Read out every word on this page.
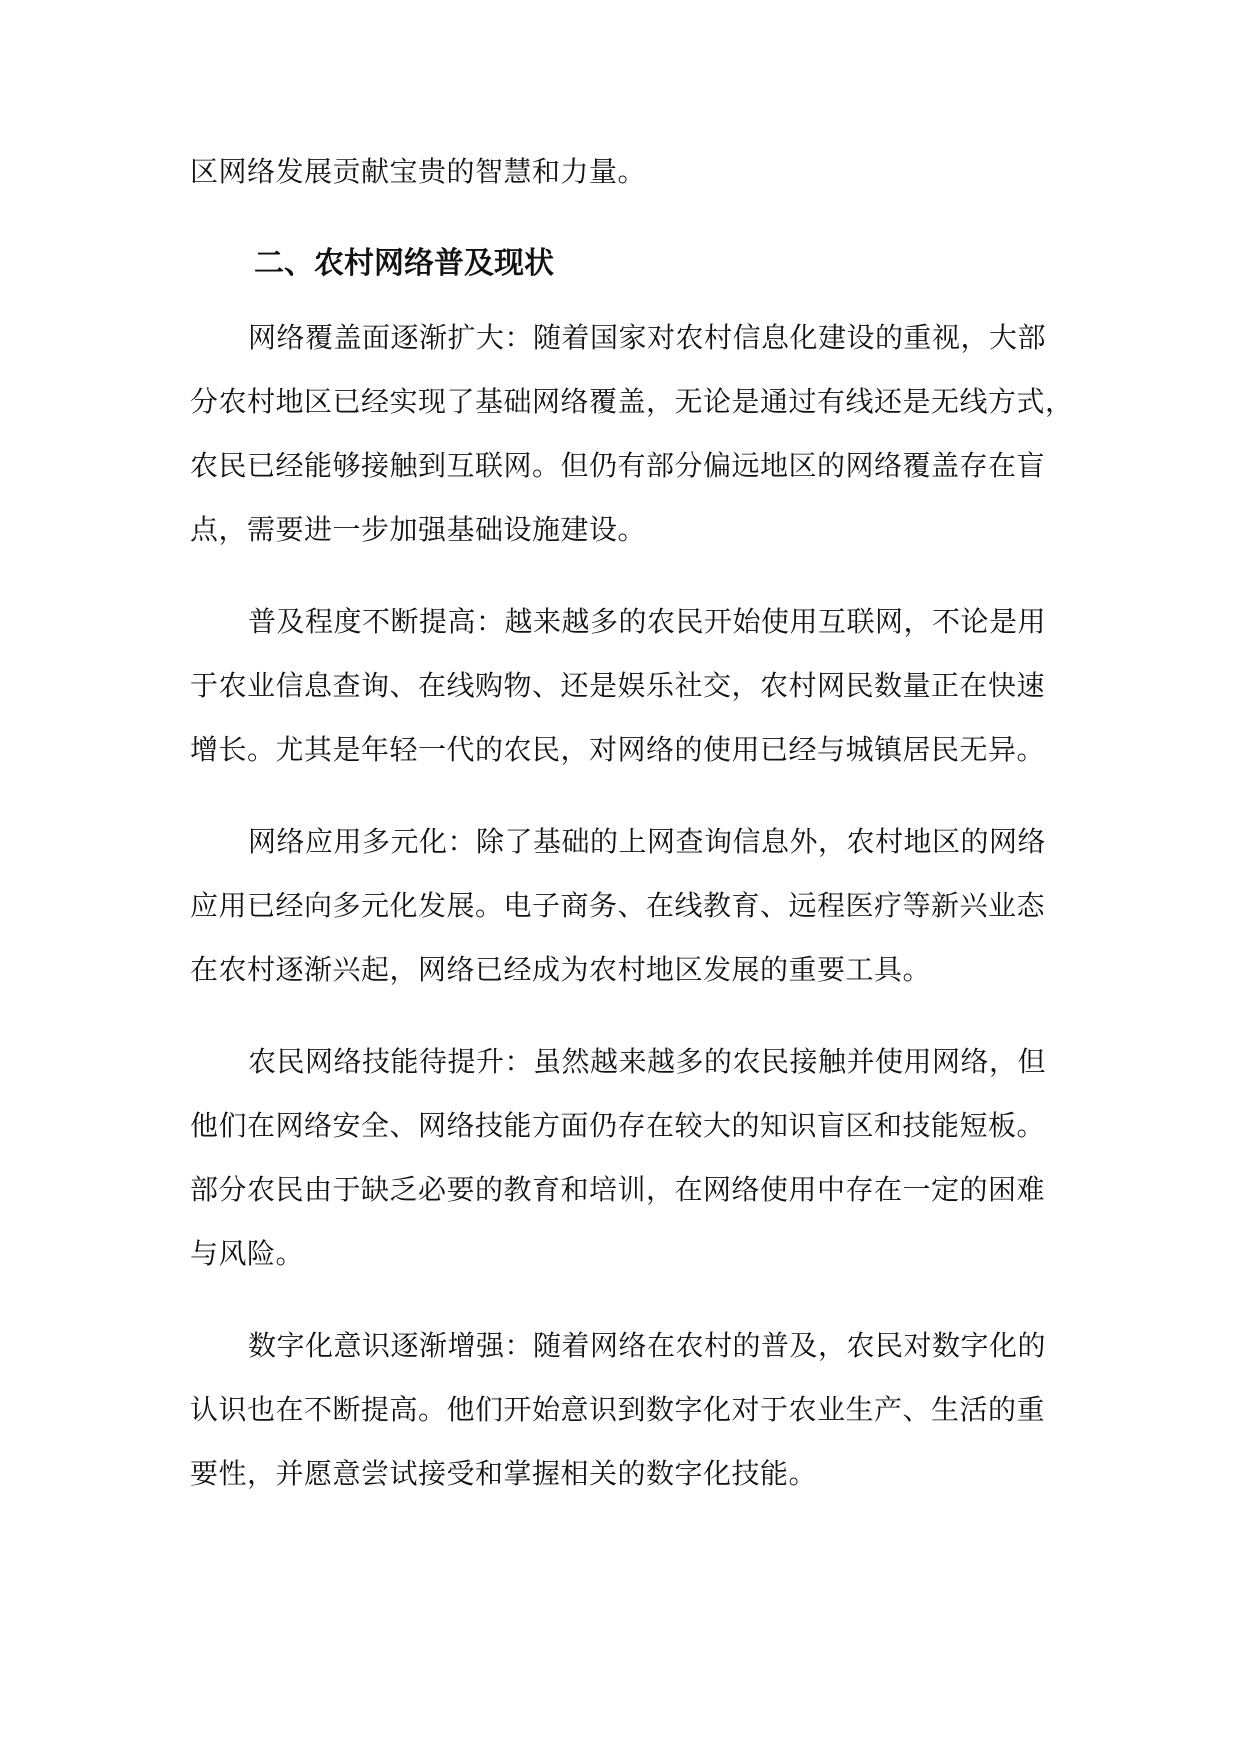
区网络发展贡献宝贵的智慧和力量。

二、农村网络普及现状

网络覆盖面逐渐扩大：随着国家对农村信息化建设的重视，大部

分农村地区已经实现了基础网络覆盖，无论是通过有线还是无线方式，

农民已经能够接触到互联网。但仍有部分偏远地区的网络覆盖存在盲

点，需要进一步加强基础设施建设。

普及程度不断提高：越来越多的农民开始使用互联网，不论是用

于农业信息查询、在线购物、还是娱乐社交，农村网民数量正在快速

增长。尤其是年轻一代的农民，对网络的使用已经与城镇居民无异。

网络应用多元化：除了基础的上网查询信息外，农村地区的网络

应用已经向多元化发展。电子商务、在线教育、远程医疗等新兴业态

在农村逐渐兴起，网络已经成为农村地区发展的重要工具。

农民网络技能待提升：虽然越来越多的农民接触并使用网络，但

他们在网络安全、网络技能方面仍存在较大的知识盲区和技能短板。

部分农民由于缺乏必要的教育和培训，在网络使用中存在一定的困难

与风险。

数字化意识逐渐增强：随着网络在农村的普及，农民对数字化的

认识也在不断提高。他们开始意识到数字化对于农业生产、生活的重

要性，并愿意尝试接受和掌握相关的数字化技能。
